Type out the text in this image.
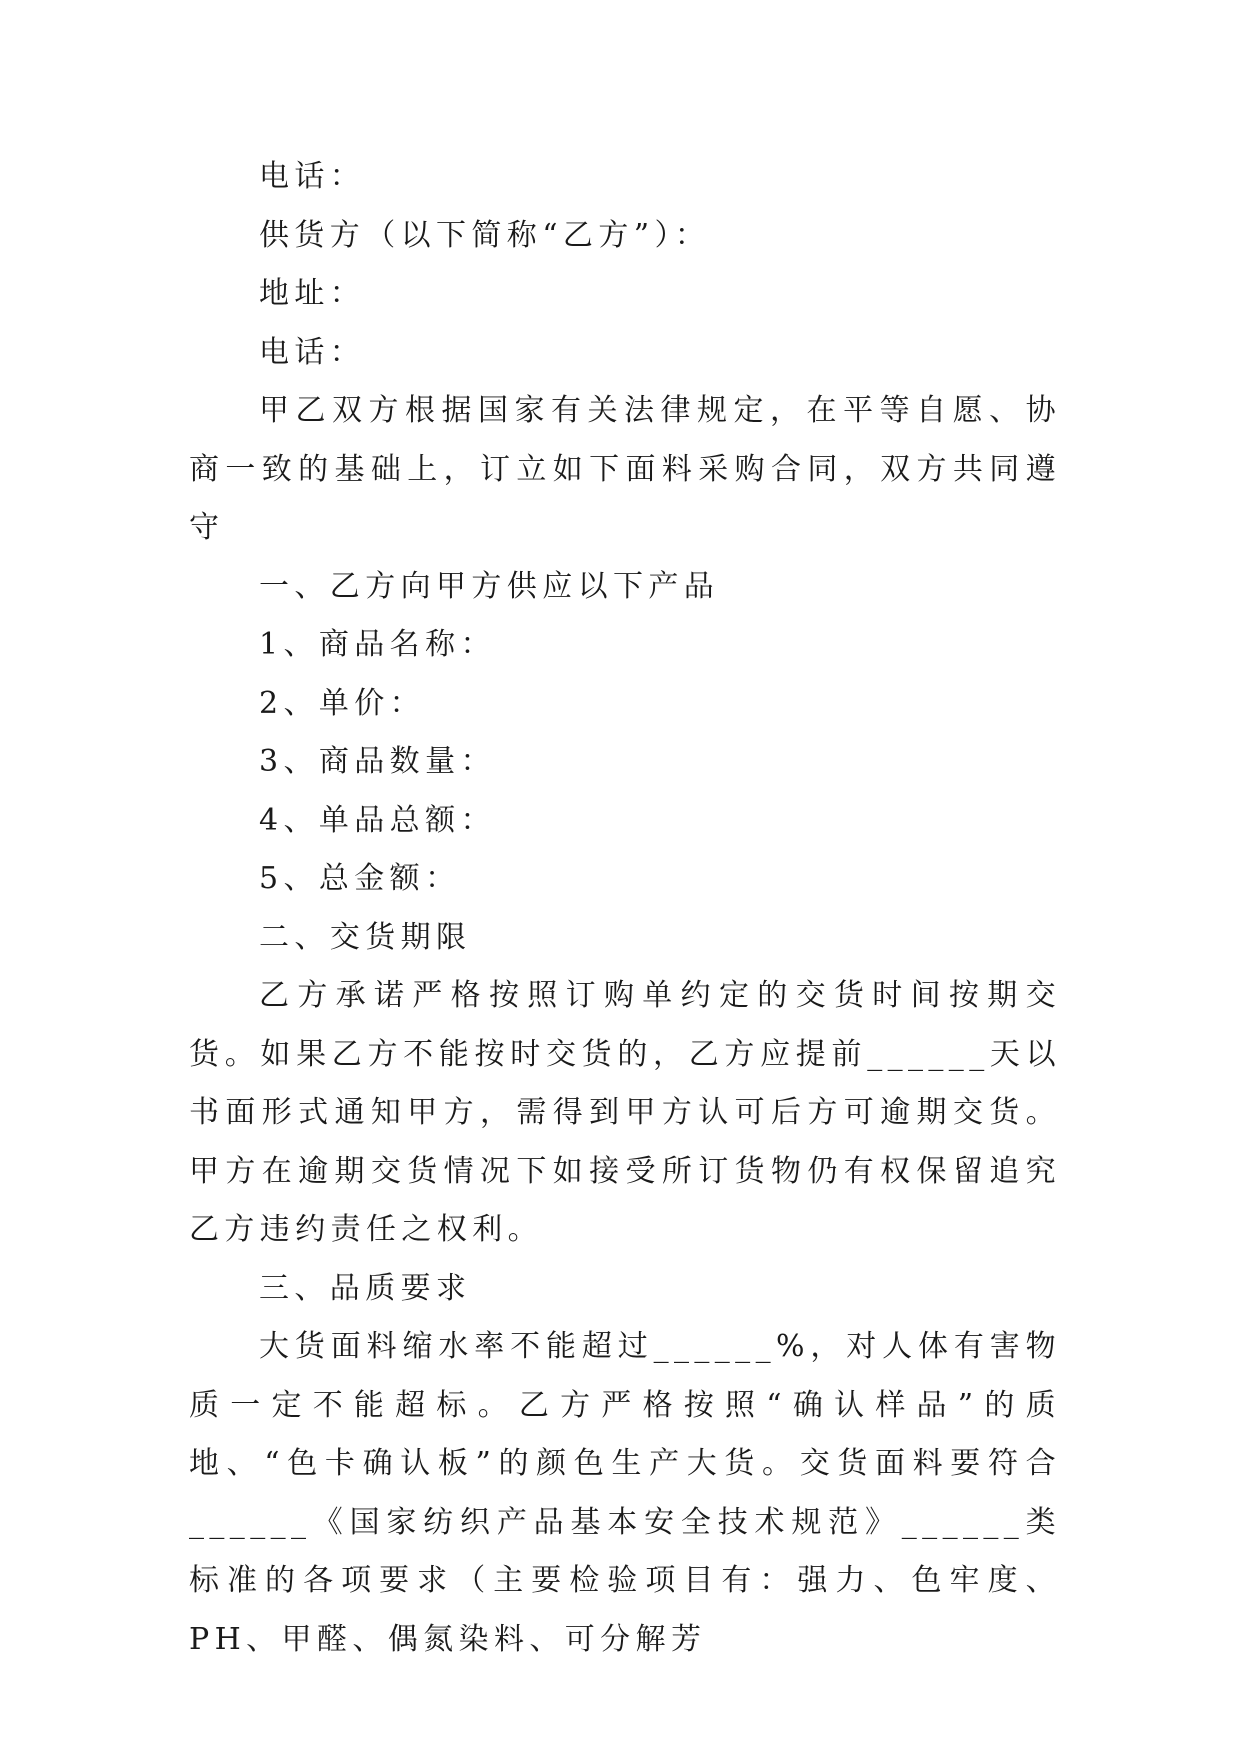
电话：

供货方（以下简称“乙方”）：

地址：

电话：

甲乙双方根据国家有关法律规定，在平等自愿、协商一致的基础上，订立如下面料采购合同，双方共同遵守

一、乙方向甲方供应以下产品

1、商品名称：

2、单价：

3、商品数量：

4、单品总额：

5、总金额：

二、交货期限

乙方承诺严格按照订购单约定的交货时间按期交货。如果乙方不能按时交货的，乙方应提前______天以书面形式通知甲方，需得到甲方认可后方可逾期交货。甲方在逾期交货情况下如接受所订货物仍有权保留追究乙方违约责任之权利。

三、品质要求

大货面料缩水率不能超过______%，对人体有害物质一定不能超标。乙方严格按照“确认样品”的质地、“色卡确认板”的颜色生产大货。交货面料要符合______《国家纺织产品基本安全技术规范》______类标准的各项要求（主要检验项目有：强力、色牢度、PH、甲醛、偶氮染料、可分解芳
